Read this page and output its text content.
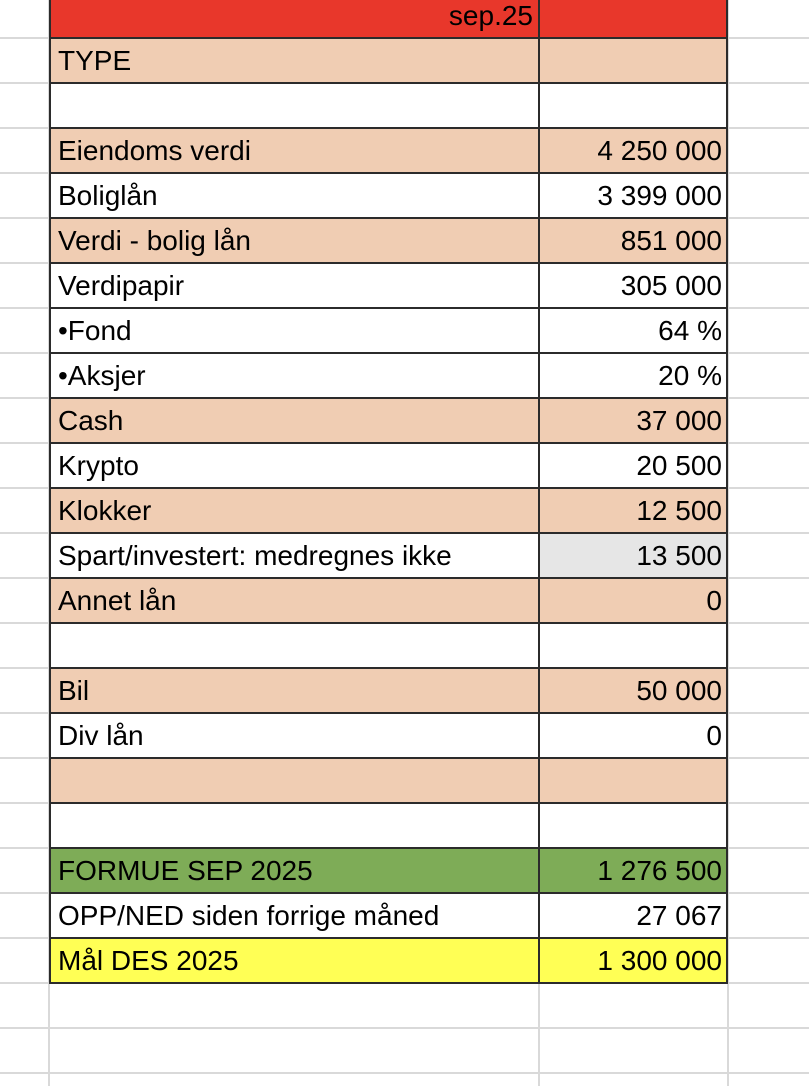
sep.25
TYPE
Eiendoms verdi	4 250 000
Boliglån	3 399 000
Verdi - bolig lån	851 000
Verdipapir	305 000
•Fond	64 %
•Aksjer	20 %
Cash	37 000
Krypto	20 500
Klokker	12 500
Spart/investert: medregnes ikke	13 500
Annet lån	0
Bil	50 000
Div lån	0
FORMUE SEP 2025	1 276 500
OPP/NED siden forrige måned	27 067
Mål DES 2025	1 300 000
